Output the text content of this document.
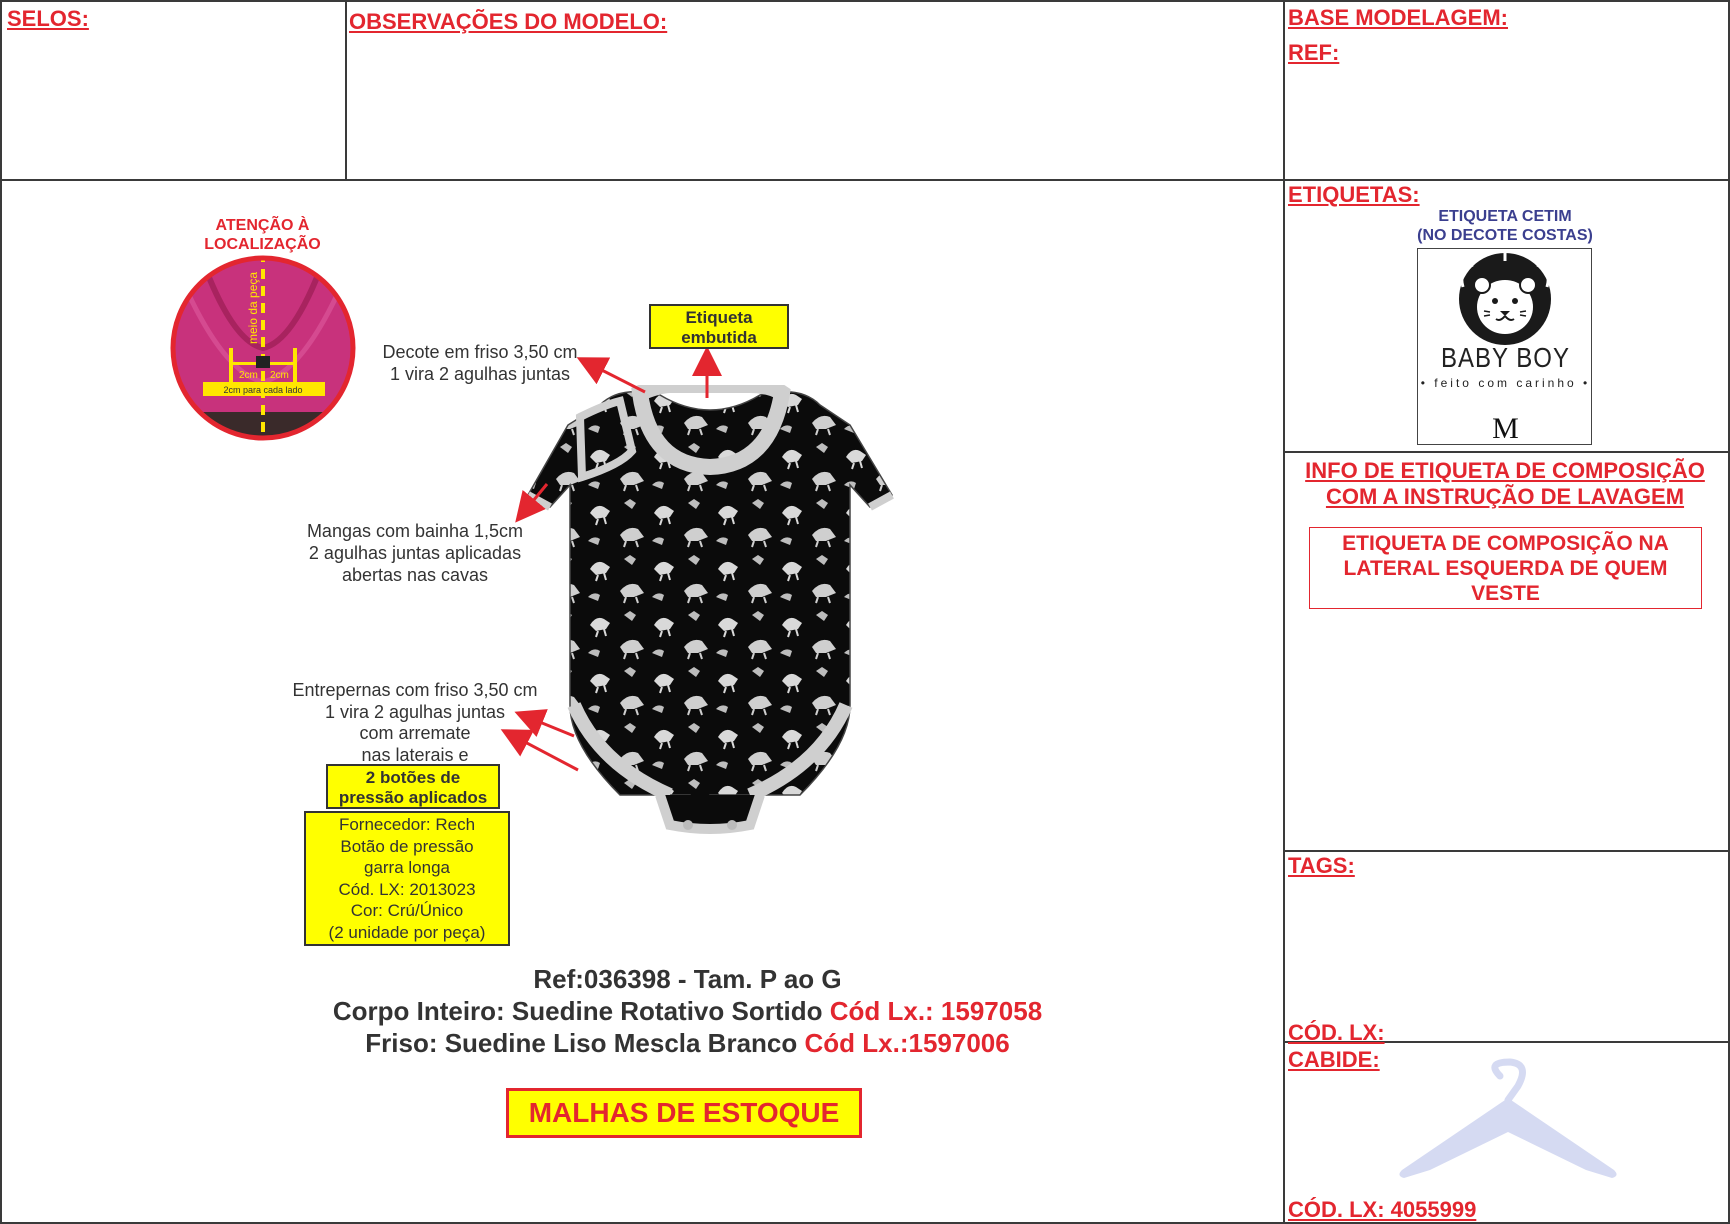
SELOS:	OBSERVAÇÕES DO MODELO:	BASE MODELAGEM:
REF:
ETIQUETAS:
ETIQUETA CETIM
(NO DECOTE COSTAS)
BABY BOY
• feito com carinho •
M
INFO DE ETIQUETA DE COMPOSIÇÃO
COM A INSTRUÇÃO DE LAVAGEM
ETIQUETA DE COMPOSIÇÃO NA
LATERAL ESQUERDA DE QUEM
VESTE
TAGS:
CÓD. LX:
CABIDE:
CÓD. LX: 4055999
ATENÇÃO À
LOCALIZAÇÃO
meio da peça
2cm 2cm
2cm para cada lado
Etiqueta
embutida
Decote em friso 3,50 cm
1 vira 2 agulhas juntas
Mangas com bainha 1,5cm
2 agulhas juntas aplicadas
abertas nas cavas
Entrepernas com friso 3,50 cm
1 vira 2 agulhas juntas
com arremate
nas laterais e
2 botões de
pressão aplicados
Fornecedor: Rech
Botão de pressão
garra longa
Cód. LX: 2013023
Cor: Crú/Único
(2 unidade por peça)
Ref:036398 - Tam. P ao G
Corpo Inteiro: Suedine Rotativo Sortido Cód Lx.: 1597058
Friso: Suedine Liso Mescla Branco Cód Lx.:1597006
MALHAS DE ESTOQUE
